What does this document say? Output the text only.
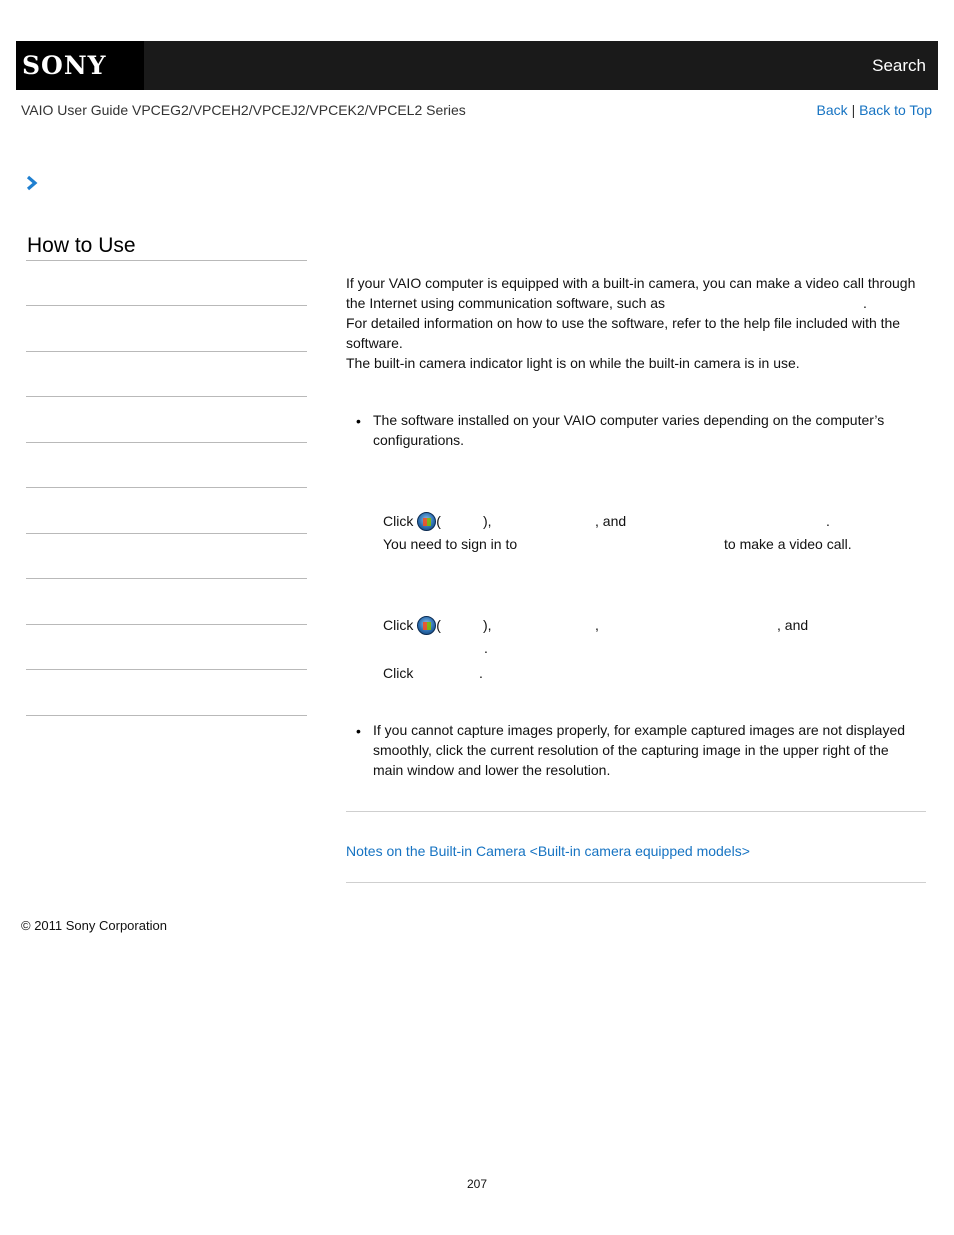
SONY	Search
VAIO User Guide VPCEG2/VPCEH2/VPCEJ2/VPCEK2/VPCEL2 Series	Back | Back to Top
How to Use
If your VAIO computer is equipped with a built-in camera, you can make a video call through
the Internet using communication software, such as	.
For detailed information on how to use the software, refer to the help file included with the
software.
The built-in camera indicator light is on while the built-in camera is in use.
• The software installed on your VAIO computer varies depending on the computer’s
configurations.
Click (	),	, and	.
You need to sign in to	to make a video call.
Click (	),	,	, and
.
Click	.
• If you cannot capture images properly, for example captured images are not displayed
smoothly, click the current resolution of the capturing image in the upper right of the
main window and lower the resolution.
Notes on the Built-in Camera <Built-in camera equipped models>
© 2011 Sony Corporation
207
